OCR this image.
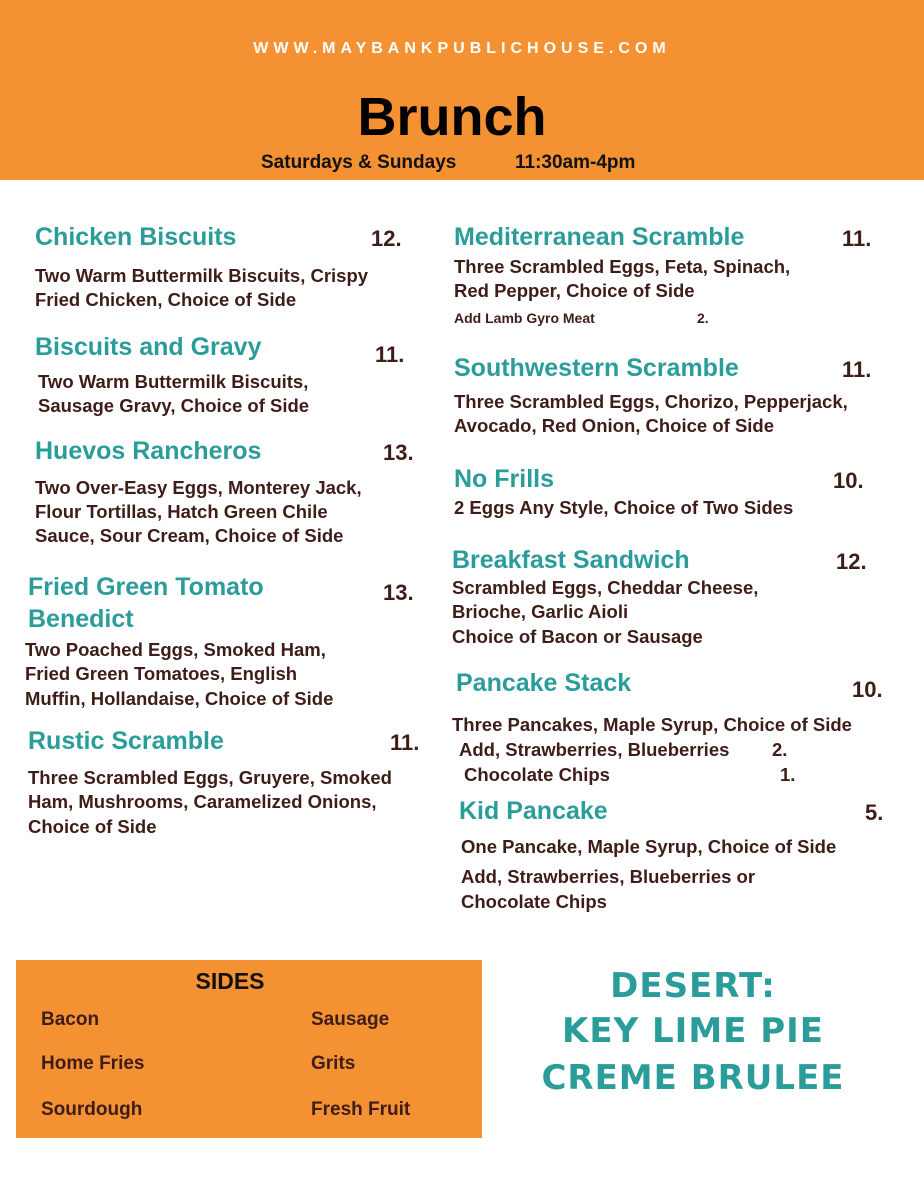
WWW.MAYBANKPUBLICHOUSE.COM
Brunch
Saturdays & Sundays	11:30am-4pm
Chicken Biscuits	12.
Two Warm Buttermilk Biscuits, Crispy
Fried Chicken, Choice of Side
Biscuits and Gravy	11.
Two Warm Buttermilk Biscuits,
Sausage Gravy, Choice of Side
Huevos Rancheros	13.
Two Over-Easy Eggs, Monterey Jack,
Flour Tortillas, Hatch Green Chile
Sauce, Sour Cream, Choice of Side
Fried Green Tomato
Benedict
13.
Two Poached Eggs, Smoked Ham,
Fried Green Tomatoes, English
Muffin, Hollandaise, Choice of Side
Rustic Scramble	11.
Three Scrambled Eggs, Gruyere, Smoked
Ham, Mushrooms, Caramelized Onions,
Choice of Side
Mediterranean Scramble	11.
Three Scrambled Eggs, Feta, Spinach,
Red Pepper, Choice of Side
Add Lamb Gyro Meat	2.
Southwestern Scramble	11.
Three Scrambled Eggs, Chorizo, Pepperjack,
Avocado, Red Onion, Choice of Side
No Frills	10.
2 Eggs Any Style, Choice of Two Sides
Breakfast Sandwich	12.
Scrambled Eggs, Cheddar Cheese,
Brioche, Garlic Aioli
Choice of Bacon or Sausage
Pancake Stack	10.
Three Pancakes, Maple Syrup, Choice of Side
Add, Strawberries, Blueberries 2.
Chocolate Chips	1.
Kid Pancake	5.
One Pancake, Maple Syrup, Choice of Side
Add, Strawberries, Blueberries or
Chocolate Chips
SIDES
Bacon	Sausage
Home Fries	Grits
Sourdough	Fresh Fruit
DESERT:
KEY LIME PIE
CREME BRULEE
